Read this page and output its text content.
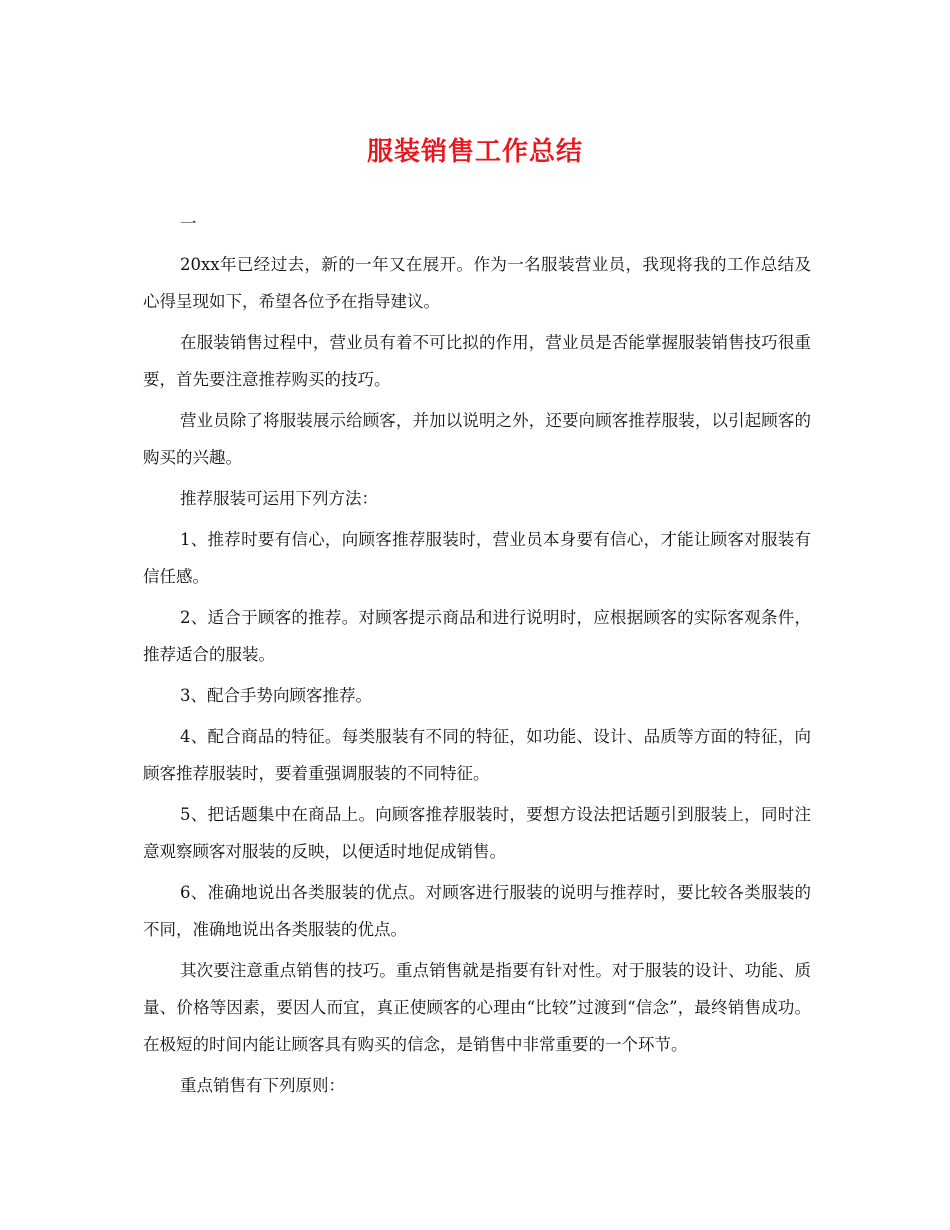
服装销售工作总结

一

20xx年已经过去，新的一年又在展开。作为一名服装营业员，我现将我的工作总结及心得呈现如下，希望各位予在指导建议。

在服装销售过程中，营业员有着不可比拟的作用，营业员是否能掌握服装销售技巧很重要，首先要注意推荐购买的技巧。

营业员除了将服装展示给顾客，并加以说明之外，还要向顾客推荐服装，以引起顾客的购买的兴趣。

推荐服装可运用下列方法：

1、推荐时要有信心，向顾客推荐服装时，营业员本身要有信心，才能让顾客对服装有信任感。

2、适合于顾客的推荐。对顾客提示商品和进行说明时，应根据顾客的实际客观条件，推荐适合的服装。

3、配合手势向顾客推荐。

4、配合商品的特征。每类服装有不同的特征，如功能、设计、品质等方面的特征，向顾客推荐服装时，要着重强调服装的不同特征。

5、把话题集中在商品上。向顾客推荐服装时，要想方设法把话题引到服装上，同时注意观察顾客对服装的反映，以便适时地促成销售。

6、准确地说出各类服装的优点。对顾客进行服装的说明与推荐时，要比较各类服装的不同，准确地说出各类服装的优点。

其次要注意重点销售的技巧。重点销售就是指要有针对性。对于服装的设计、功能、质量、价格等因素，要因人而宜，真正使顾客的心理由“比较”过渡到“信念”，最终销售成功。在极短的时间内能让顾客具有购买的信念，是销售中非常重要的一个环节。

重点销售有下列原则：
